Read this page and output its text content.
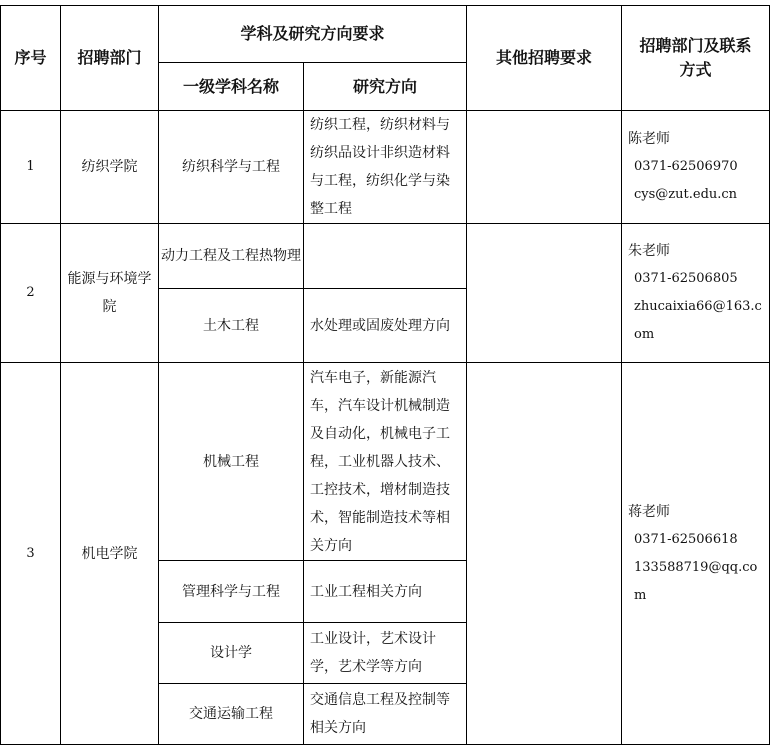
序号	招聘部门	学科及研究方向要求		其他招聘要求	招聘部门及联系方式
		一级学科名称	研究方向		
1	纺织学院	纺织科学与工程	纺织工程，纺织材料与纺织品设计非织造材料与工程，纺织化学与染整工程		陈老师
0371-62506970
cys@zut.edu.cn

2	能源与环境学院	动力工程及工程热物理			朱老师
0371-62506805
zhucaixia66@163.com

		土木工程	水处理或固废处理方向		
3	机电学院	机械工程	汽车电子，新能源汽车，汽车设计机械制造及自动化，机械电子工程，工业机器人技术、工控技术，增材制造技术，智能制造技术等相关方向		蒋老师
0371-62506618
133588719@qq.com

		管理科学与工程	工业工程相关方向		
		设计学	工业设计，艺术设计学，艺术学等方向		
		交通运输工程	交通信息工程及控制等相关方向		
